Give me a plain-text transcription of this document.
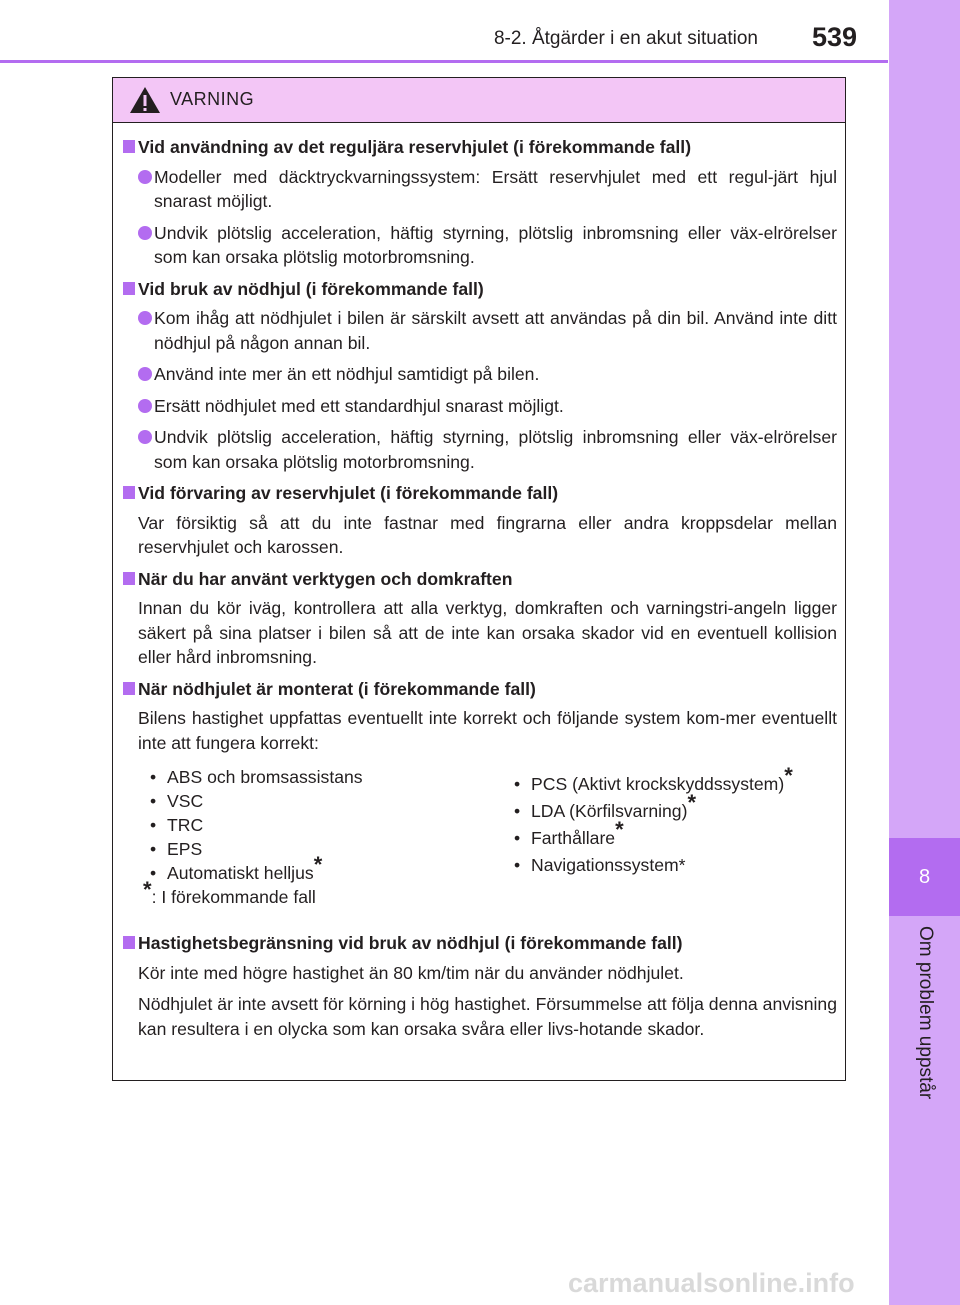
8-2. Åtgärder i en akut situation 539
8
Om problem uppstår
VARNING
Vid användning av det reguljära reservhjulet (i förekommande fall)
Modeller med däcktryckvarningssystem: Ersätt reservhjulet med ett regul-järt hjul snarast möjligt.
Undvik plötslig acceleration, häftig styrning, plötslig inbromsning eller väx-elrörelser som kan orsaka plötslig motorbromsning.
Vid bruk av nödhjul (i förekommande fall)
Kom ihåg att nödhjulet i bilen är särskilt avsett att användas på din bil. Använd inte ditt nödhjul på någon annan bil.
Använd inte mer än ett nödhjul samtidigt på bilen.
Ersätt nödhjulet med ett standardhjul snarast möjligt.
Undvik plötslig acceleration, häftig styrning, plötslig inbromsning eller väx-elrörelser som kan orsaka plötslig motorbromsning.
Vid förvaring av reservhjulet (i förekommande fall)
Var försiktig så att du inte fastnar med fingrarna eller andra kroppsdelar mellan reservhjulet och karossen.
När du har använt verktygen och domkraften
Innan du kör iväg, kontrollera att alla verktyg, domkraften och varningstri-angeln ligger säkert på sina platser i bilen så att de inte kan orsaka skador vid en eventuell kollision eller hård inbromsning.
När nödhjulet är monterat (i förekommande fall)
Bilens hastighet uppfattas eventuellt inte korrekt och följande system kom-mer eventuellt inte att fungera korrekt:
• ABS och bromsassistans
• VSC
• TRC
• EPS
• Automatiskt helljus*
*: I förekommande fall
• PCS (Aktivt krockskyddssystem)*
• LDA (Körfilsvarning)*
• Farthållare*
• Navigationssystem*
Hastighetsbegränsning vid bruk av nödhjul (i förekommande fall)
Kör inte med högre hastighet än 80 km/tim när du använder nödhjulet.
Nödhjulet är inte avsett för körning i hög hastighet. Försummelse att följa denna anvisning kan resultera i en olycka som kan orsaka svåra eller livs-hotande skador.
carmanualsonline.info
